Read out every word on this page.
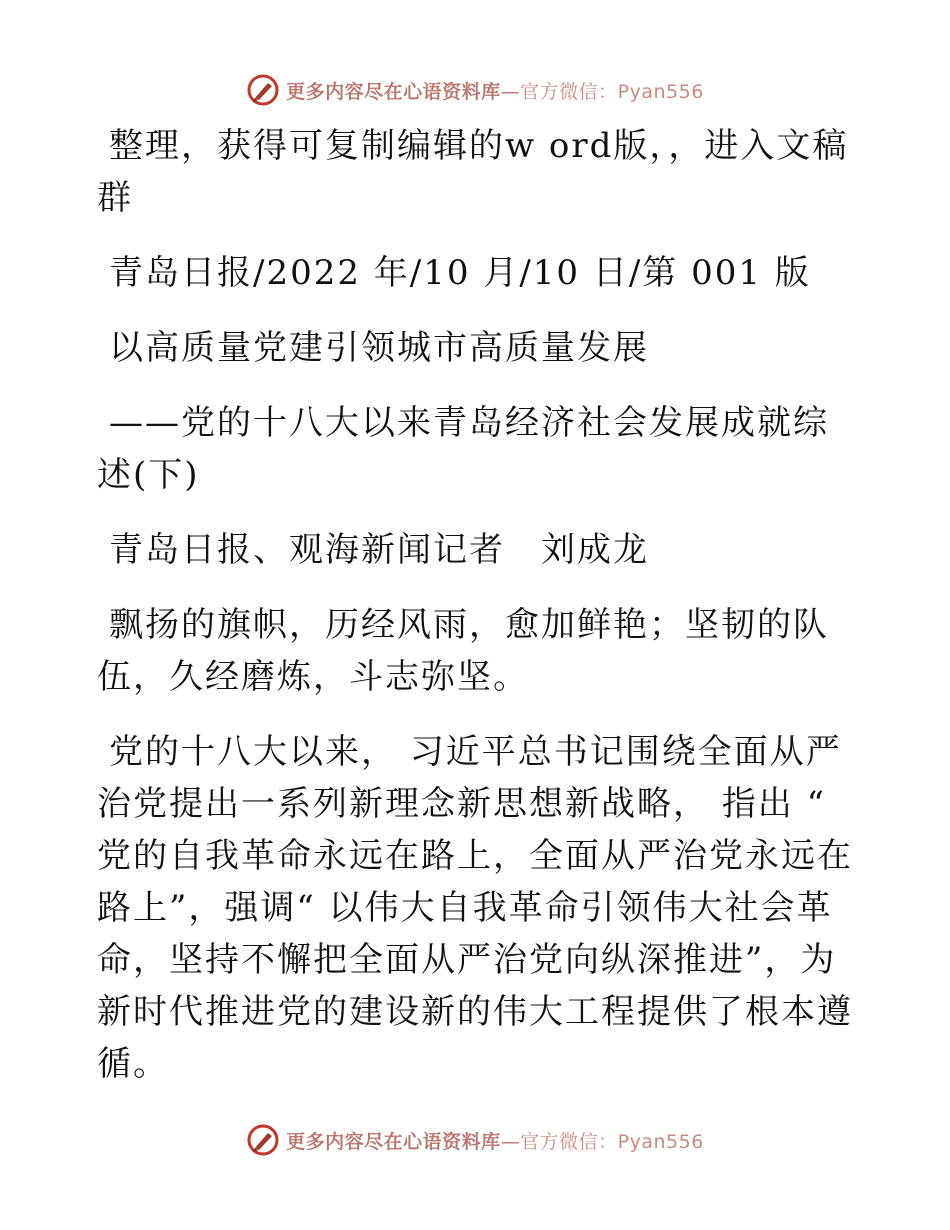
更多内容尽在心语资料库—官方微信：Pyan556

整理，获得可复制编辑的w ord版，，进入文稿群

青岛日报/2022 年/10 月/10 日/第 001 版

以高质量党建引领城市高质量发展

——党的十八大以来青岛经济社会发展成就综述(下)

青岛日报、观海新闻记者　刘成龙

飘扬的旗帜，历经风雨，愈加鲜艳；坚韧的队伍，久经磨炼，斗志弥坚。

党的十八大以来， 习近平总书记围绕全面从严治党提出一系列新理念新思想新战略， 指出 “ 党的自我革命永远在路上，全面从严治党永远在路上”，强调“ 以伟大自我革命引领伟大社会革命，坚持不懈把全面从严治党向纵深推进”，为新时代推进党的建设新的伟大工程提供了根本遵循。

更多内容尽在心语资料库—官方微信：Pyan556
